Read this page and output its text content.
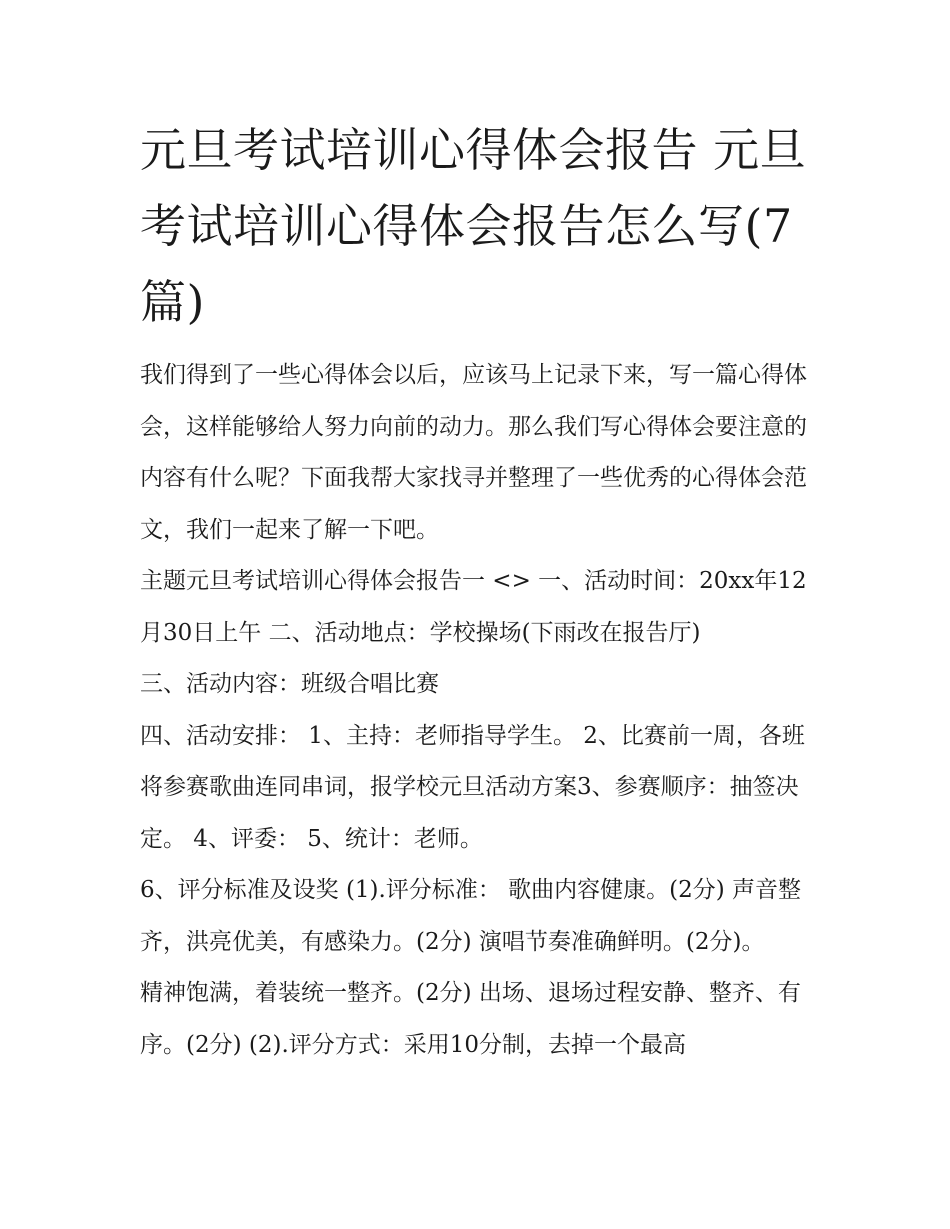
元旦考试培训心得体会报告 元旦考试培训心得体会报告怎么写(7篇)

我们得到了一些心得体会以后，应该马上记录下来，写一篇心得体会，这样能够给人努力向前的动力。那么我们写心得体会要注意的内容有什么呢？下面我帮大家找寻并整理了一些优秀的心得体会范文，我们一起来了解一下吧。

主题元旦考试培训心得体会报告一 <> 一、活动时间：20xx年12月30日上午 二、活动地点：学校操场(下雨改在报告厅)

三、活动内容：班级合唱比赛

四、活动安排： 1、主持：老师指导学生。 2、比赛前一周，各班将参赛歌曲连同串词，报学校元旦活动方案3、参赛顺序：抽签决定。 4、评委： 5、统计：老师。

6、评分标准及设奖 (1).评分标准： 歌曲内容健康。(2分) 声音整齐，洪亮优美，有感染力。(2分) 演唱节奏准确鲜明。(2分)。

精神饱满，着装统一整齐。(2分) 出场、退场过程安静、整齐、有序。(2分) (2).评分方式：采用10分制，去掉一个最高
